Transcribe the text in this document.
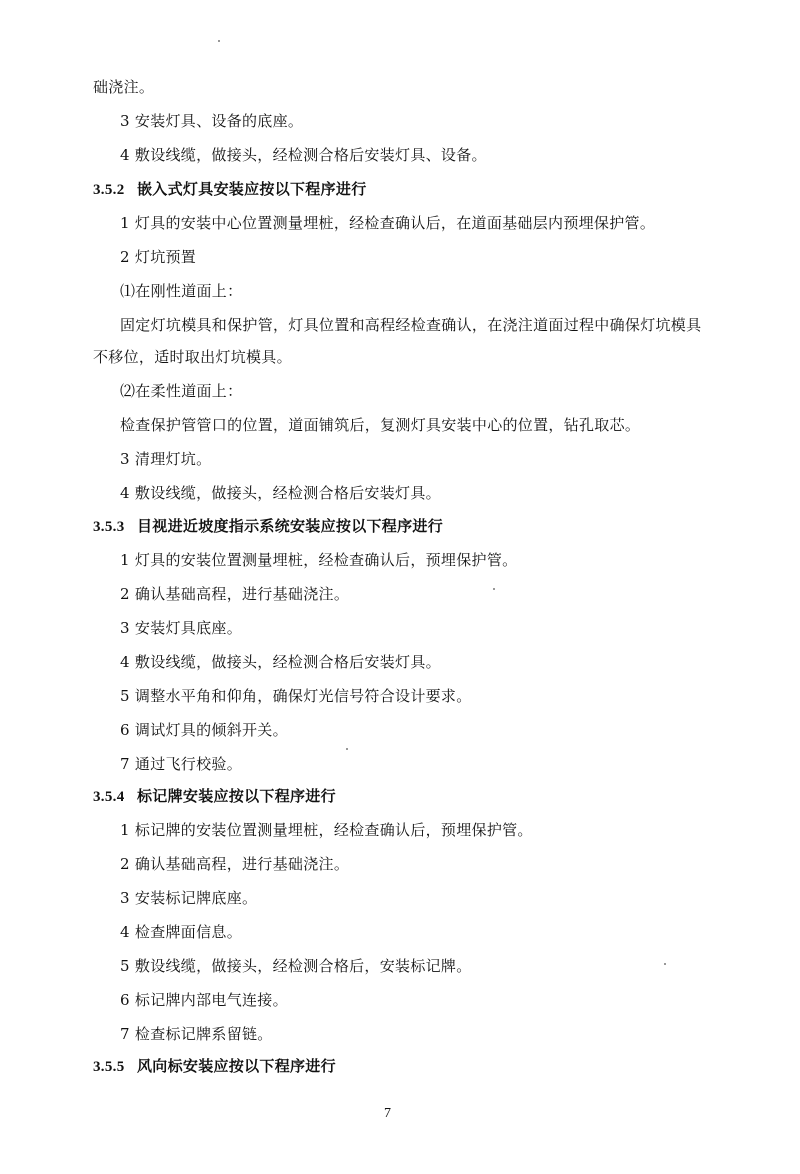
础浇注。
3 安装灯具、设备的底座。
4 敷设线缆，做接头，经检测合格后安装灯具、设备。
3.5.2 嵌入式灯具安装应按以下程序进行
1 灯具的安装中心位置测量埋桩，经检查确认后，在道面基础层内预埋保护管。
2 灯坑预置
⑴在刚性道面上：
固定灯坑模具和保护管，灯具位置和高程经检查确认，在浇注道面过程中确保灯坑模具
不移位，适时取出灯坑模具。
⑵在柔性道面上：
检查保护管管口的位置，道面铺筑后，复测灯具安装中心的位置，钻孔取芯。
3 清理灯坑。
4 敷设线缆，做接头，经检测合格后安装灯具。
3.5.3 目视进近坡度指示系统安装应按以下程序进行
1 灯具的安装位置测量埋桩，经检查确认后，预埋保护管。
2 确认基础高程，进行基础浇注。
3 安装灯具底座。
4 敷设线缆，做接头，经检测合格后安装灯具。
5 调整水平角和仰角，确保灯光信号符合设计要求。
6 调试灯具的倾斜开关。
7 通过飞行校验。
3.5.4 标记牌安装应按以下程序进行
1 标记牌的安装位置测量埋桩，经检查确认后，预埋保护管。
2 确认基础高程，进行基础浇注。
3 安装标记牌底座。
4 检查牌面信息。
5 敷设线缆，做接头，经检测合格后，安装标记牌。
6 标记牌内部电气连接。
7 检查标记牌系留链。
3.5.5 风向标安装应按以下程序进行
7
